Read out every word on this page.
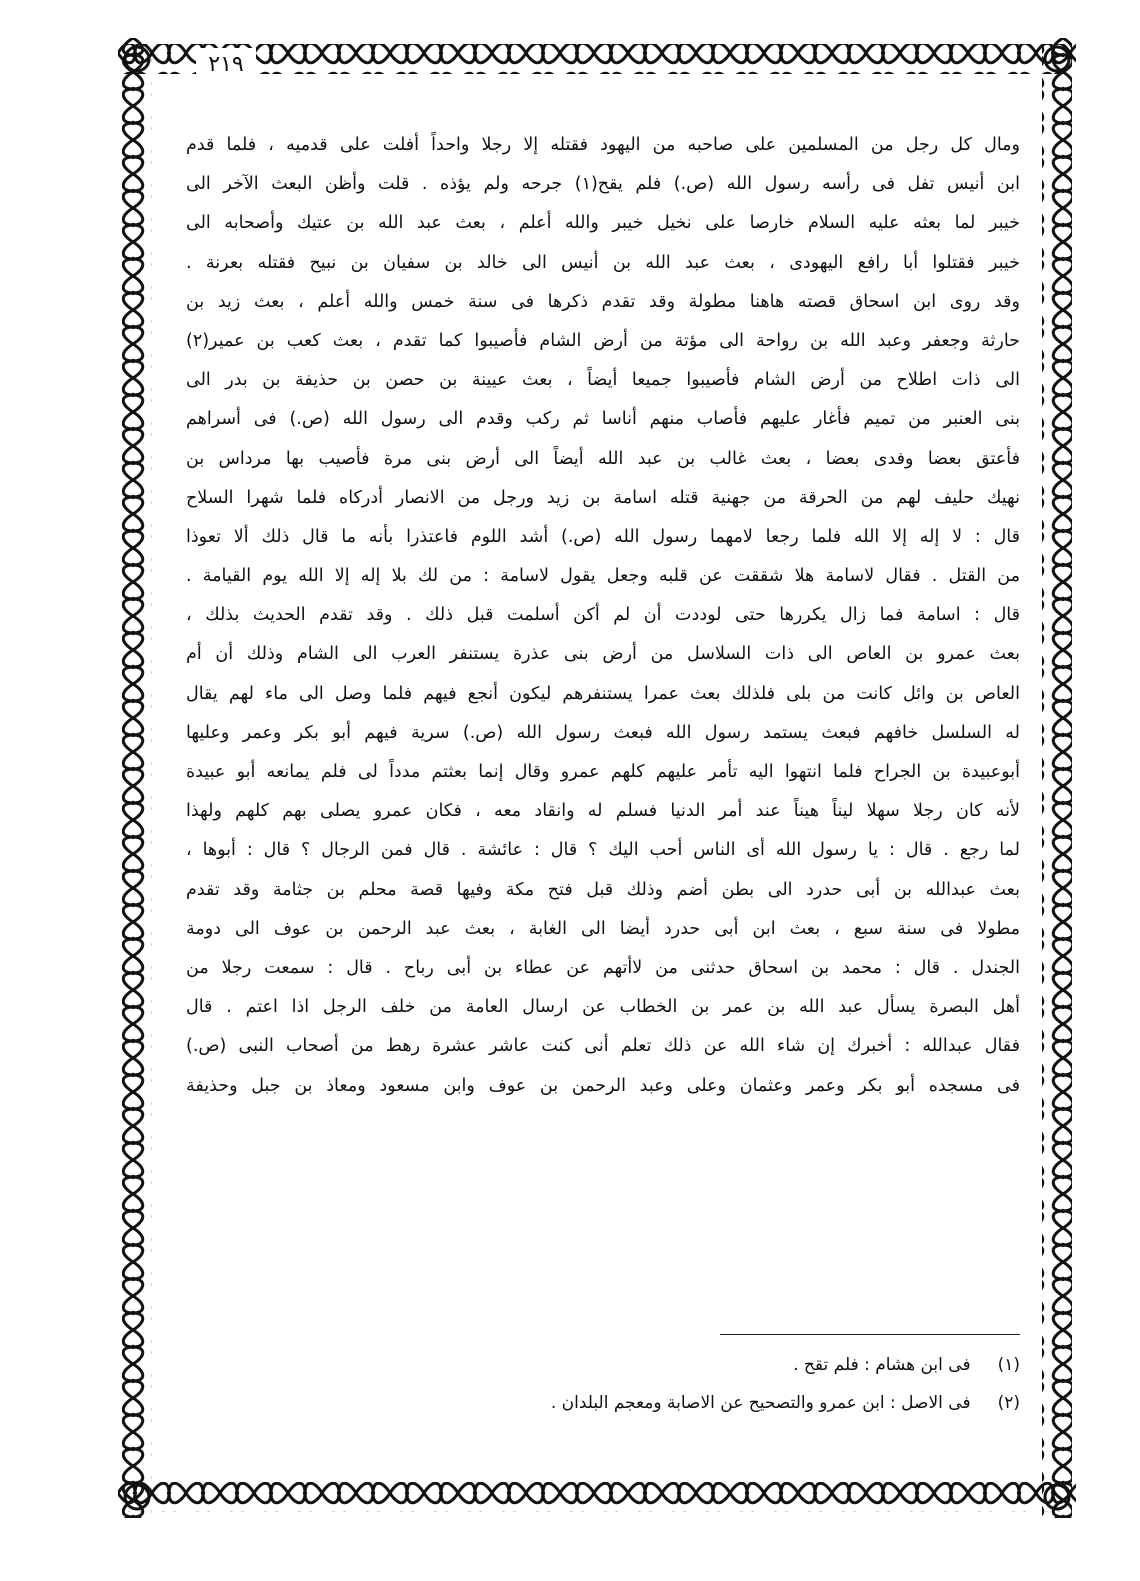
٢١٩
ومال كل رجل من المسلمين على صاحبه من اليهود فقتله إلا رجلا واحداً أفلت على قدميه ، فلما قدم
ابن أنيس تفل فى رأسه رسول الله (ص.) فلم يقح(١) جرحه ولم يؤذه . قلت وأظن البعث الآخر الى
خيبر لما بعثه عليه السلام خارصا على نخيل خيبر والله أعلم ، بعث عبد الله بن عتيك وأصحابه الى
خيبر فقتلوا أبا رافع اليهودى ، بعث عبد الله بن أنيس الى خالد بن سفيان بن نبيح فقتله بعرنة .
وقد روى ابن اسحاق قصته هاهنا مطولة وقد تقدم ذكرها فى سنة خمس والله أعلم ، بعث زيد بن
حارثة وجعفر وعبد الله بن رواحة الى مؤتة من أرض الشام فأصيبوا كما تقدم ، بعث كعب بن عمير(٢)
الى ذات اطلاح من أرض الشام فأصيبوا جميعا أيضاً ، بعث عيينة بن حصن بن حذيفة بن بدر الى
بنى العنبر من تميم فأغار عليهم فأصاب منهم أناسا ثم ركب وقدم الى رسول الله (ص.) فى أسراهم
فأعتق بعضا وفدى بعضا ، بعث غالب بن عبد الله أيضاً الى أرض بنى مرة فأصيب بها مرداس بن
نهيك حليف لهم من الحرقة من جهنية قتله اسامة بن زيد ورجل من الانصار أدركاه فلما شهرا السلاح
قال : لا إله إلا الله فلما رجعا لامهما رسول الله (ص.) أشد اللوم فاعتذرا بأنه ما قال ذلك ألا تعوذا
من القتل . فقال لاسامة هلا شققت عن قلبه وجعل يقول لاسامة : من لك بلا إله إلا الله يوم القيامة .
قال : اسامة فما زال يكررها حتى لوددت أن لم أكن أسلمت قبل ذلك . وقد تقدم الحديث بذلك ،
بعث عمرو بن العاص الى ذات السلاسل من أرض بنى عذرة يستنفر العرب الى الشام وذلك أن أم
العاص بن وائل كانت من بلى فلذلك بعث عمرا يستنفرهم ليكون أنجع فيهم فلما وصل الى ماء لهم يقال
له السلسل خافهم فبعث يستمد رسول الله فبعث رسول الله (ص.) سرية فيهم أبو بكر وعمر وعليها
أبوعبيدة بن الجراح فلما انتهوا اليه تأمر عليهم كلهم عمرو وقال إنما بعثتم مدداً لى فلم يمانعه أبو عبيدة
لأنه كان رجلا سهلا ليناً هيناً عند أمر الدنيا فسلم له وانقاد معه ، فكان عمرو يصلى بهم كلهم ولهذا
لما رجع . قال : يا رسول الله أى الناس أحب اليك ؟ قال : عائشة . قال فمن الرجال ؟ قال : أبوها ،
بعث عبدالله بن أبى حدرد الى بطن أضم وذلك قبل فتح مكة وفيها قصة محلم بن جثامة وقد تقدم
مطولا فى سنة سبع ، بعث ابن أبى حدرد أيضا الى الغابة ، بعث عبد الرحمن بن عوف الى دومة
الجندل . قال : محمد بن اسحاق حدثنى من لاأتهم عن عطاء بن أبى رباح . قال : سمعت رجلا من
أهل البصرة يسأل عبد الله بن عمر بن الخطاب عن ارسال العامة من خلف الرجل اذا اعتم . قال
فقال عبدالله : أخبرك إن شاء الله عن ذلك تعلم أنى كنت عاشر عشرة رهط من أصحاب النبى (ص.)
فى مسجده أبو بكر وعمر وعثمان وعلى وعبد الرحمن بن عوف وابن مسعود ومعاذ بن جبل وحذيفة
(١) فى ابن هشام : فلم تقح .
(٢) فى الاصل : ابن عمرو والتصحيح عن الاصابة ومعجم البلدان .
